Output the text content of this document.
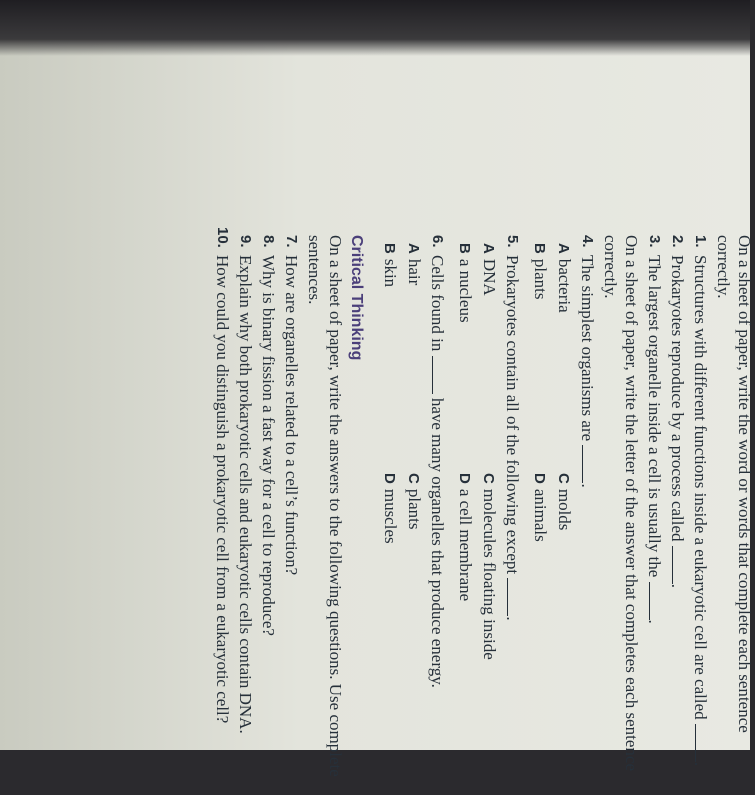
On a sheet of paper, write the word or words that complete each sentence correctly.

1.
Structures with different functions inside a eukaryotic cell are called .
2.
Prokaryotes reproduce by a process called .
3.
The largest organelle inside a cell is usually the .

On a sheet of paper, write the letter of the answer that completes each sentence correctly.

4.
The simplest organisms are .
Abacteria
Cmolds
Bplants
Danimals
5.
Prokaryotes contain all of the following except .
ADNA
Cmolecules floating inside
Ba nucleus
Da cell membrane
6.
Cells found in  have many organelles that produce energy.
Ahair
Cplants
Bskin
Dmuscles

Critical Thinking

On a sheet of paper, write the answers to the following questions. Use complete sentences.

7.
How are organelles related to a cell’s function?
8.
Why is binary fission a fast way for a cell to reproduce?
9.
Explain why both prokaryotic cells and eukaryotic cells contain DNA.
10.
How could you distinguish a prokaryotic cell from a eukaryotic cell?
